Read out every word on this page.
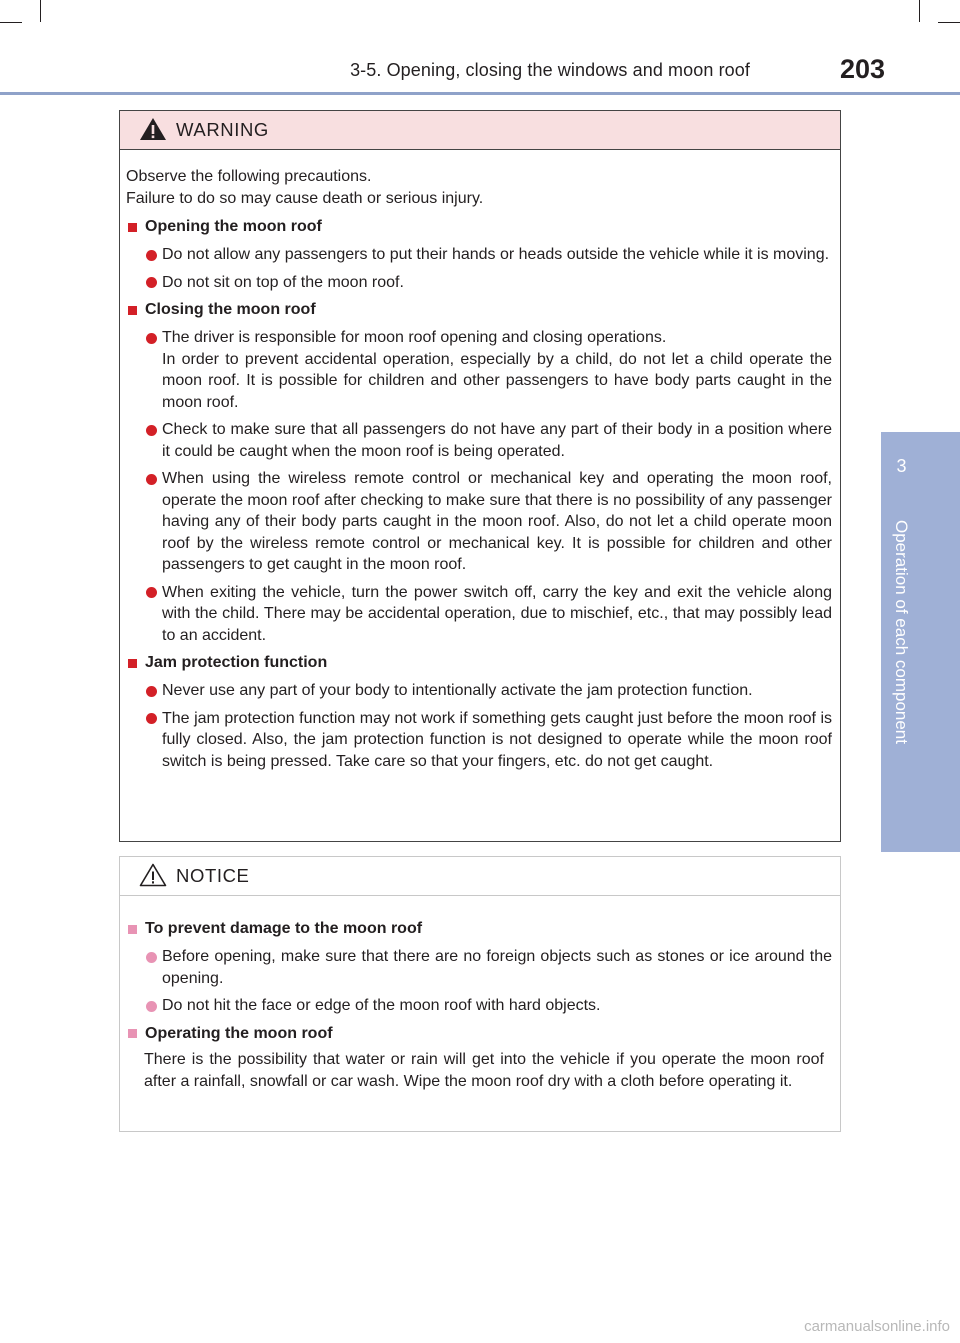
3-5. Opening, closing the windows and moon roof	203
3
Operation of each component
WARNING

Observe the following precautions.

Failure to do so may cause death or serious injury.

Opening the moon roof
Do not allow any passengers to put their hands or heads outside the vehicle while it is moving.
Do not sit on top of the moon roof.
Closing the moon roof
The driver is responsible for moon roof opening and closing operations.
In order to prevent accidental operation, especially by a child, do not let a child operate the moon roof. It is possible for children and other passengers to have body parts caught in the moon roof.
Check to make sure that all passengers do not have any part of their body in a position where it could be caught when the moon roof is being operated.
When using the wireless remote control or mechanical key and operating the moon roof, operate the moon roof after checking to make sure that there is no possibility of any passenger having any of their body parts caught in the moon roof. Also, do not let a child operate moon roof by the wireless remote control or mechanical key. It is possible for children and other passengers to get caught in the moon roof.
When exiting the vehicle, turn the power switch off, carry the key and exit the vehicle along with the child. There may be accidental operation, due to mischief, etc., that may possibly lead to an accident.
Jam protection function
Never use any part of your body to intentionally activate the jam protection function.
The jam protection function may not work if something gets caught just before the moon roof is fully closed. Also, the jam protection function is not designed to operate while the moon roof switch is being pressed. Take care so that your fingers, etc. do not get caught.
NOTICE
To prevent damage to the moon roof
Before opening, make sure that there are no foreign objects such as stones or ice around the opening.
Do not hit the face or edge of the moon roof with hard objects.
Operating the moon roof
There is the possibility that water or rain will get into the vehicle if you operate the moon roof after a rainfall, snowfall or car wash. Wipe the moon roof dry with a cloth before operating it.
carmanualsonline.info
